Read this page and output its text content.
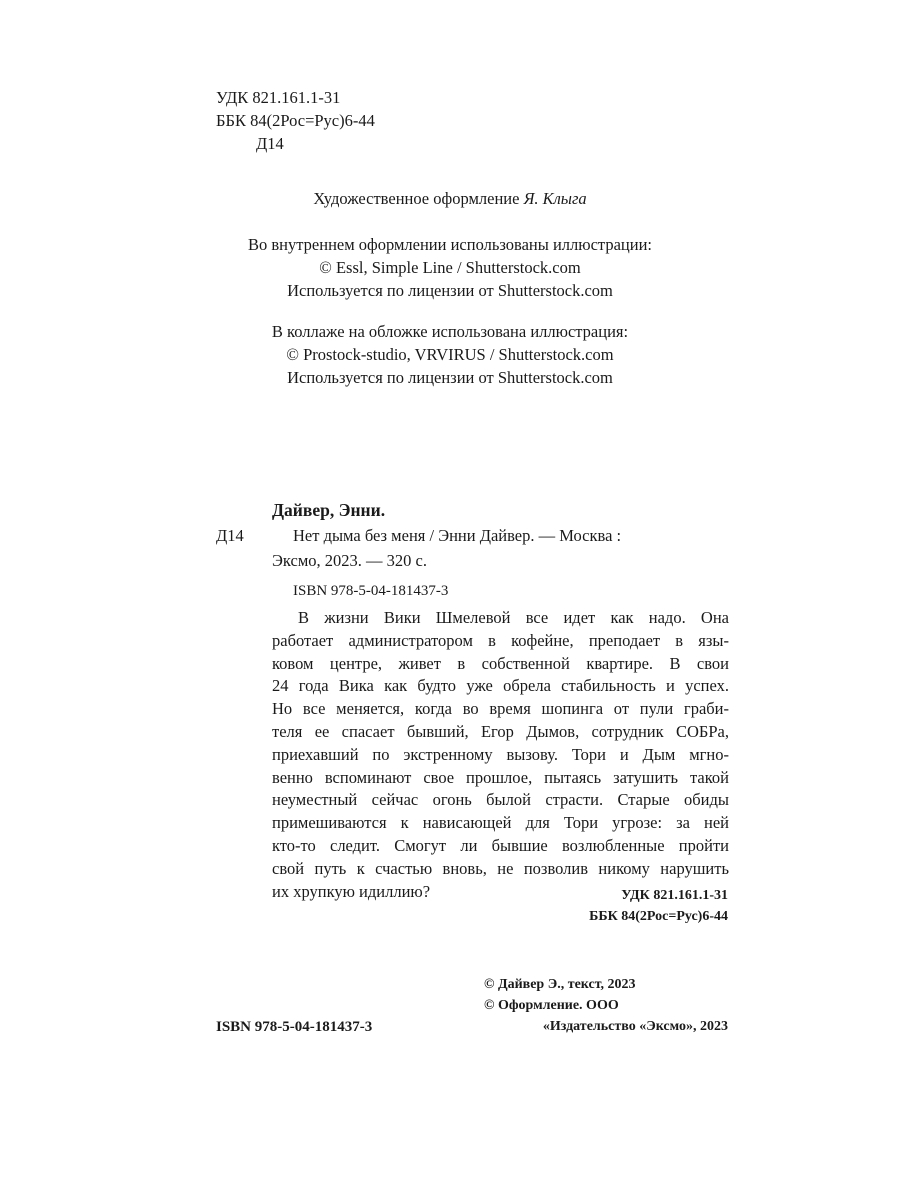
УДК 821.161.1-31
ББК 84(2Рос=Рус)6-44
Д14
Художественное оформление Я. Клыга
Во внутреннем оформлении использованы иллюстрации:
© Essl, Simple Line / Shutterstock.com
Используется по лицензии от Shutterstock.com
В коллаже на обложке использована иллюстрация:
© Prostock-studio, VRVIRUS / Shutterstock.com
Используется по лицензии от Shutterstock.com
Д14
Дайвер, Энни.
Нет дыма без меня / Энни Дайвер. — Москва :
Эксмо, 2023. — 320 с.
ISBN 978-5-04-181437-3
В жизни Вики Шмелевой все идет как надо. Она
работает администратором в кофейне, преподает в язы-
ковом центре, живет в собственной квартире. В свои
24 года Вика как будто уже обрела стабильность и успех.
Но все меняется, когда во время шопинга от пули граби-
теля ее спасает бывший, Егор Дымов, сотрудник СОБРа,
приехавший по экстренному вызову. Тори и Дым мгно-
венно вспоминают свое прошлое, пытаясь затушить такой
неуместный сейчас огонь былой страсти. Старые обиды
примешиваются к нависающей для Тори угрозе: за ней
кто-то следит. Смогут ли бывшие возлюбленные пройти
свой путь к счастью вновь, не позволив никому нарушить
их хрупкую идиллию?	УДК 821.161.1-31
ББК 84(2Рос=Рус)6-44
© Дайвер Э., текст, 2023
© Оформление. ООО
«Издательство «Эксмо», 2023
ISBN 978-5-04-181437-3
